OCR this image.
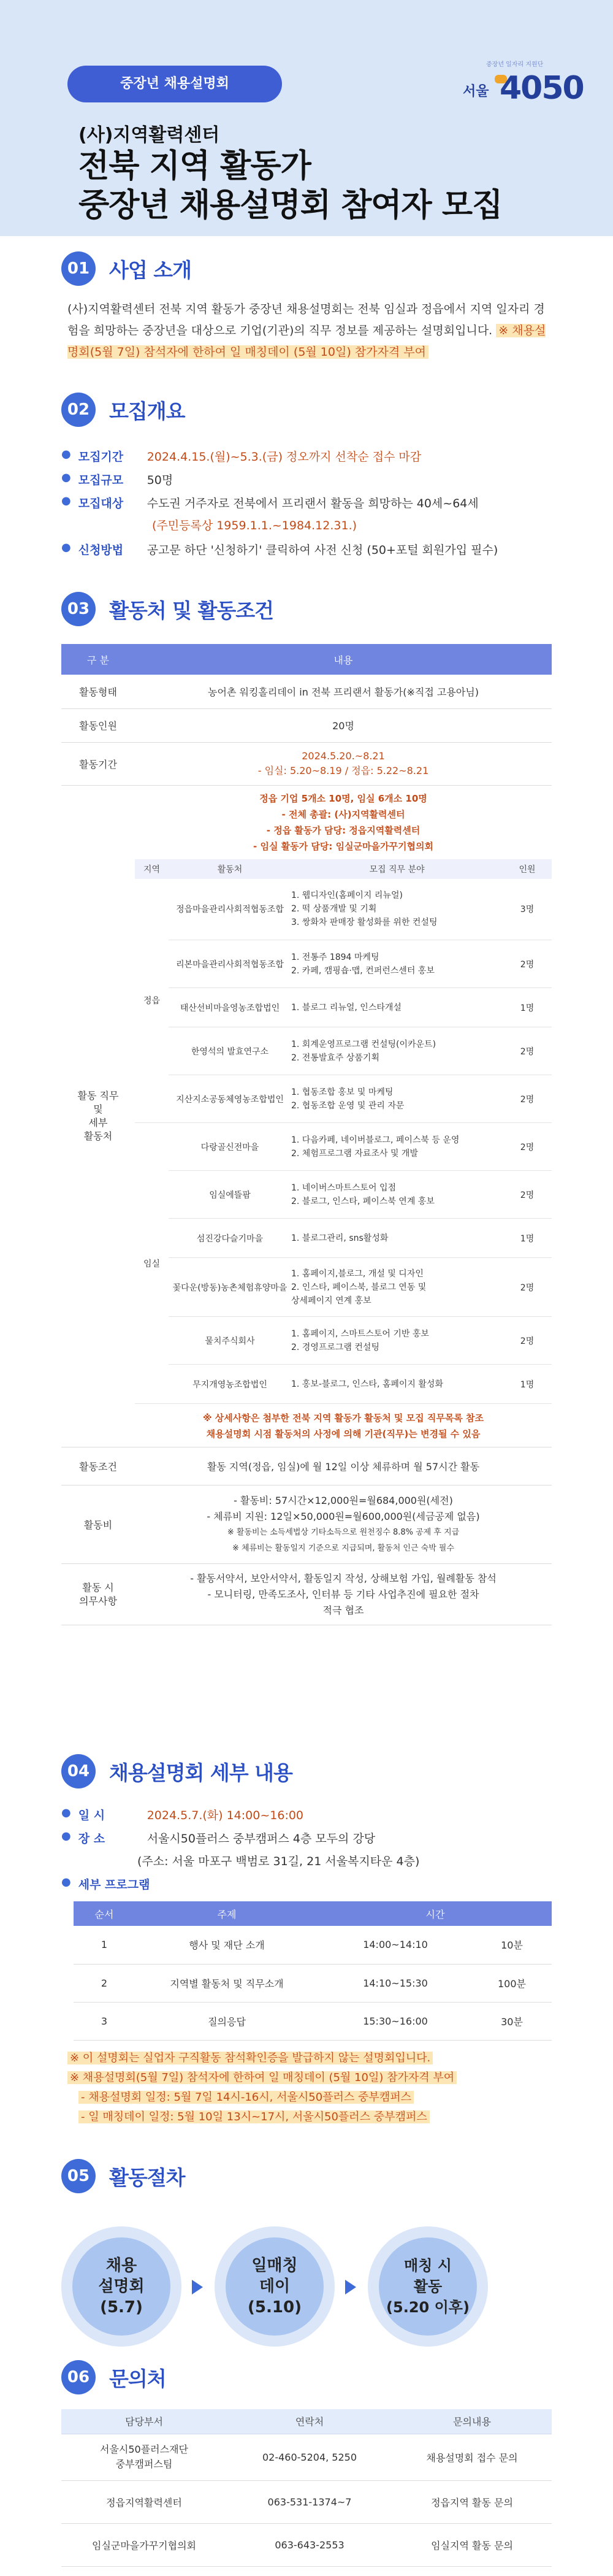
중장년 채용설명회
중장년 일자리 지원단
서울 4050
(사)지역활력센터
전북 지역 활동가
중장년 채용설명회 참여자 모집
01 사업 소개
(사)지역활력센터 전북 지역 활동가 중장년 채용설명회는 전북 임실과 정읍에서 지역 일자리 경험을 희망하는 중장년을 대상으로 기업(기관)의 직무 정보를 제공하는 설명회입니다. ※ 채용설명회(5월 7일) 참석자에 한하여 일 매칭데이 (5월 10일) 참가자격 부여
02 모집개요
● 모집기간	2024.4.15.(월)~5.3.(금) 정오까지 선착순 접수 마감
● 모집규모	50명
● 모집대상	수도권 거주자로 전북에서 프리랜서 활동을 희망하는 40세~64세
(주민등록상 1959.1.1.~1984.12.31.)
● 신청방법	공고문 하단 '신청하기' 클릭하여 사전 신청 (50+포털 회원가입 필수)
03 활동처 및 활동조건
구 분	내용
활동형태	농어촌 워킹홀리데이 in 전북 프리랜서 활동가(※직접 고용아님)
활동인원	20명
활동기간	
2024.5.20.~8.21
- 임실: 5.20~8.19 / 정읍: 5.22~8.21

활동 직무
및
세부
활동처	
정읍 기업 5개소 10명, 임실 6개소 10명
- 전체 총괄: (사)지역활력센터
- 정읍 활동가 담당: 정읍지역활력센터
- 임실 활동가 담당: 임실군마을가꾸기협의회
지역	활동처	모집 직무 분야	인원
정읍	정읍마을관리사회적협동조합	1. 웹디자인(홈페이지 리뉴얼)
2. 떡 상품개발 및 기획
3. 쌍화차 판매장 활성화를 위한 컨설팅	3명
리본마을관리사회적협동조합	1. 전통주 1894 마케팅
2. 카페, 캠핑숍·맵, 컨퍼런스센터 홍보	2명
태산선비마을영농조합법인	1. 블로그 리뉴얼, 인스타개설	1명
한영석의 발효연구소	1. 회계운영프로그램 컨설팅(이카운트)
2. 전통발효주 상품기획	2명
지산지소공동체영농조합법인	1. 협동조합 홍보 및 마케팅
2. 협동조합 운영 및 관리 자문	2명
임실	다랑골신전마을	1. 다음카페, 네이버블로그, 페이스북 등 운영
2. 체험프로그램 자료조사 및 개발	2명
임실에뜰팜	1. 네이버스마트스토어 입점
2. 블로그, 인스타, 페이스북 연계 홍보	2명
섬진강다슬기마을	1. 블로그관리, sns활성화	1명
꽃다운(방동)농촌체험휴양마을	1. 홈페이지,블로그, 개설 및 디자인
2. 인스타, 페이스북, 블로그 연동 및
상세페이지 연계 홍보	2명
물치주식회사	1. 홈페이지, 스마트스토어 기반 홍보
2. 경영프로그램 컨설팅	2명
무지개영농조합법인	1. 홍보-블로그, 인스타, 홈페이지 활성화	1명
※ 상세사항은 첨부한 전북 지역 활동가 활동처 및 모집 직무목록 참조
채용설명회 시점 활동처의 사정에 의해 기관(직무)는 변경될 수 있음

활동조건	활동 지역(정읍, 임실)에 월 12일 이상 체류하며 월 57시간 활동
활동비	
- 활동비: 57시간×12,000원=월684,000원(세전)
- 체류비 지원: 12일×50,000원=월600,000원(세금공제 없음)
※ 활동비는 소득세법상 기타소득으로 원천징수 8.8% 공제 후 지급
※ 체류비는 활동일지 기준으로 지급되며, 활동처 인근 숙박 필수

활동 시
의무사항	
- 활동서약서, 보안서약서, 활동일지 작성, 상해보험 가입, 월례활동 참석
- 모니터링, 만족도조사, 인터뷰 등 기타 사업추진에 필요한 절차
적극 협조
04 채용설명회 세부 내용
● 일 시	2024.5.7.(화) 14:00~16:00
● 장 소	서울시50플러스 중부캠퍼스 4층 모두의 강당
(주소: 서울 마포구 백범로 31길, 21 서울복지타운 4층)
● 세부 프로그램
순서	주제	시간	
1	행사 및 재단 소개	14:00~14:10	10분
2	지역별 활동처 및 직무소개	14:10~15:30	100분
3	질의응답	15:30~16:00	30분
※ 이 설명회는 실업자 구직활동 참석확인증을 발급하지 않는 설명회입니다.
※ 채용설명회(5월 7일) 참석자에 한하여 일 매칭데이 (5월 10일) 참가자격 부여
- 채용설명회 일정: 5월 7일 14시-16시, 서울시50플러스 중부캠퍼스
- 일 매칭데이 일정: 5월 10일 13시~17시, 서울시50플러스 중부캠퍼스
05 활동절차
채용
설명회
(5.7)
일매칭
데이
(5.10)
매칭 시
활동
(5.20 이후)
06 문의처
담당부서	연락처	문의내용
서울시50플러스재단
중부캠퍼스팀	02-460-5204, 5250	채용설명회 접수 문의
정읍지역활력센터	063-531-1374~7	정읍지역 활동 문의
임실군마을가꾸기협의회	063-643-2553	임실지역 활동 문의
